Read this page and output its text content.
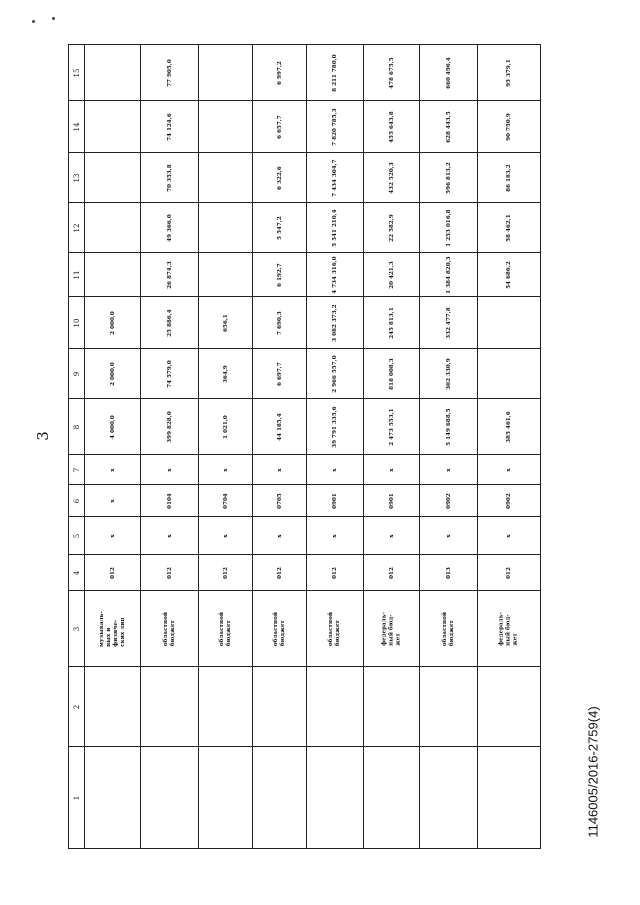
3
1146005/2016-2759(4)
15		77 905,0		6 997,2	8 211 780,0	478 675,5	660 496,4	95 379,1

14		74 124,6		6 657,7	7 820 785,3	455 643,8	628 443,5	90 750,9

13		70 353,8		6 322,6	7 434 304,7	432 520,3	596 813,2	86 183,2

12		49 366,0		5 547,2	5 541 210,4	22 582,9	1 253 016,8	58 462,1

11		26 874,3		6 192,7	4 734 316,0	20 421,3	1 384 820,3	54 686,2

10	2 000,0	25 886,4	656,1	7 690,3	3 082 373,2	245 813,1	332 477,8	

9	2 000,0	74 579,0	364,9	6 697,7	2 966 557,0	818 008,3	302 330,9	

8	4 000,0	399 828,0	1 021,0	44 185,4	39 791 335,6	2 473 553,1	5 149 688,5	385 461,6

7	x	x	x	x	x	x	x	x

6	x	0104	0704	0705	0901	0901	0902	0902

5	x	x	x	x	x	x	x	x

4	012	012	012	012	012	012	013	012

3	музыкаль-
ных и
физиче-
ских лиц	областной
бюджет	областной
бюджет	областной
бюджет	областной
бюджет	федераль-
ный бюд-
жет	областной
бюджет	федераль-
ный бюд-
жет

2								

1								
